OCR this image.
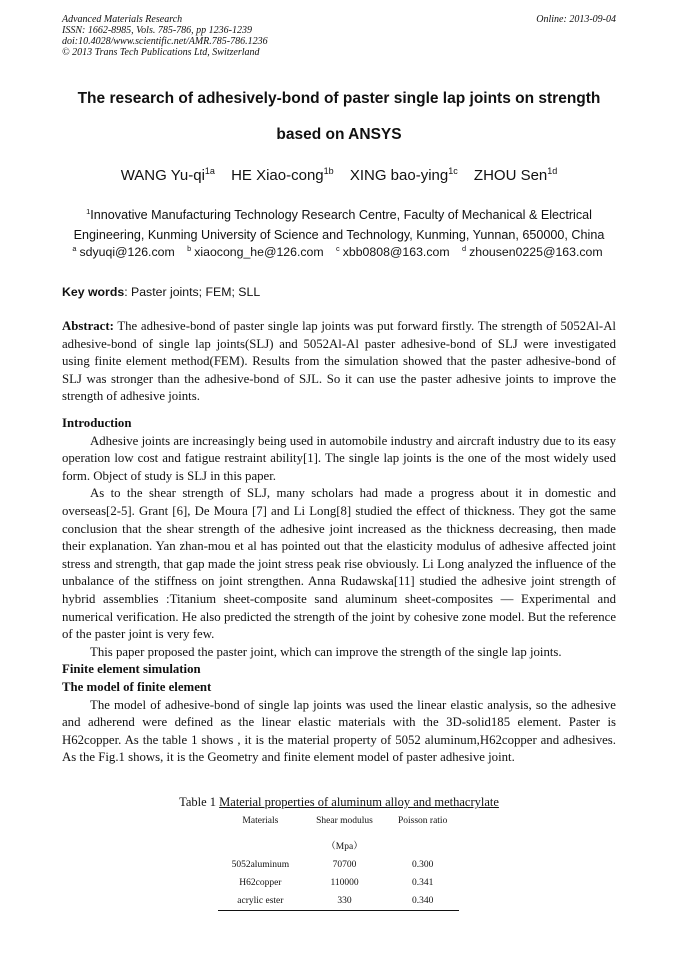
Advanced Materials Research
ISSN: 1662-8985, Vols. 785-786, pp 1236-1239
doi:10.4028/www.scientific.net/AMR.785-786.1236
© 2013 Trans Tech Publications Ltd, Switzerland
Online: 2013-09-04
The research of adhesively-bond of paster single lap joints on strength
based on ANSYS
WANG $Yu-qi^{1a}$ HE Xiao-cong$^{1b}$ XING bao-ying$^{1c}$ ZHOU Sen$^{1d}$
$^1$Innovative Manufacturing Technology Research Centre, Faculty of Mechanical & Electrical
Engineering, Kunming University of Science and Technology, Kunming, Yunnan, 650000, China
$^a$ sdyuqi@126.com $^b$ xiaocong_he@126.com $^c$ xbb0808@163.com $^d$ zhousen0225@163.com
Key words: Paster joints; FEM; SLL

Abstract: The adhesive-bond of paster single lap joints was put forward firstly. The strength of 5052Al-Al adhesive-bond of single lap joints(SLJ) and 5052Al-Al paster adhesive-bond of SLJ were investigated using finite element method(FEM). Results from the simulation showed that the paster adhesive-bond of SLJ was stronger than the adhesive-bond of SJL. So it can use the paster adhesive joints to improve the strength of adhesive joints.

Introduction

Adhesive joints are increasingly being used in automobile industry and aircraft industry due to its easy operation low cost and fatigue restraint ability[1]. The single lap joints is the one of the most widely used form. Object of study is SLJ in this paper.

As to the shear strength of SLJ, many scholars had made a progress about it in domestic and overseas[2-5]. Grant [6], De Moura [7] and Li Long[8] studied the effect of thickness. They got the same conclusion that the shear strength of the adhesive joint increased as the thickness decreasing, then made their explanation. Yan zhan-mou et al has pointed out that the elasticity modulus of adhesive affected joint stress and strength, that gap made the joint stress peak rise obviously. Li Long analyzed the influence of the unbalance of the stiffness on joint strengthen. Anna Rudawska[11] studied the adhesive joint strength of hybrid assemblies :Titanium sheet-composite sand aluminum sheet-composites — Experimental and numerical verification. He also predicted the strength of the joint by cohesive zone model. But the reference of the paster joint is very few.

This paper proposed the paster joint, which can improve the strength of the single lap joints.

Finite element simulation

The model of finite element

The model of adhesive-bond of single lap joints was used the linear elastic analysis, so the adhesive and adherend were defined as the linear elastic materials with the 3D-solid185 element. Paster is H62copper. As the table 1 shows , it is the material property of 5052 aluminum,H62copper and adhesives. As the Fig.1 shows, it is the Geometry and finite element model of paster adhesive joint.

Table 1 Material properties of aluminum alloy and methacrylate
Materials	Shear modulus	Poisson ratio
	（Mpa）	
5052aluminum	70700	0.300
H62copper	110000	0.341
acrylic ester	330	0.340
